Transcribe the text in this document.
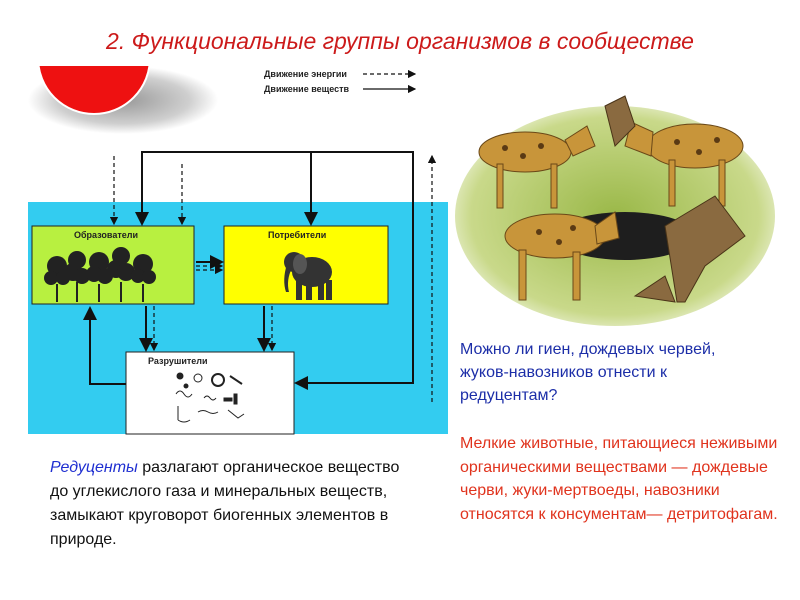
2. Функциональные группы организмов в сообществе
Движение энергии
Движение веществ
Образователи	Потребители
Разрушители
Редуценты разлагают органическое вещество до углекислого газа и минеральных веществ, замыкают круговорот биогенных элементов в природе.
Можно ли гиен, дождевых червей, жуков-навозников отнести к редуцентам?
Мелкие животные, питающиеся неживыми органическими веществами — дождевые черви, жуки-мертвоеды, навозники относятся к консументам— детритофагам.
